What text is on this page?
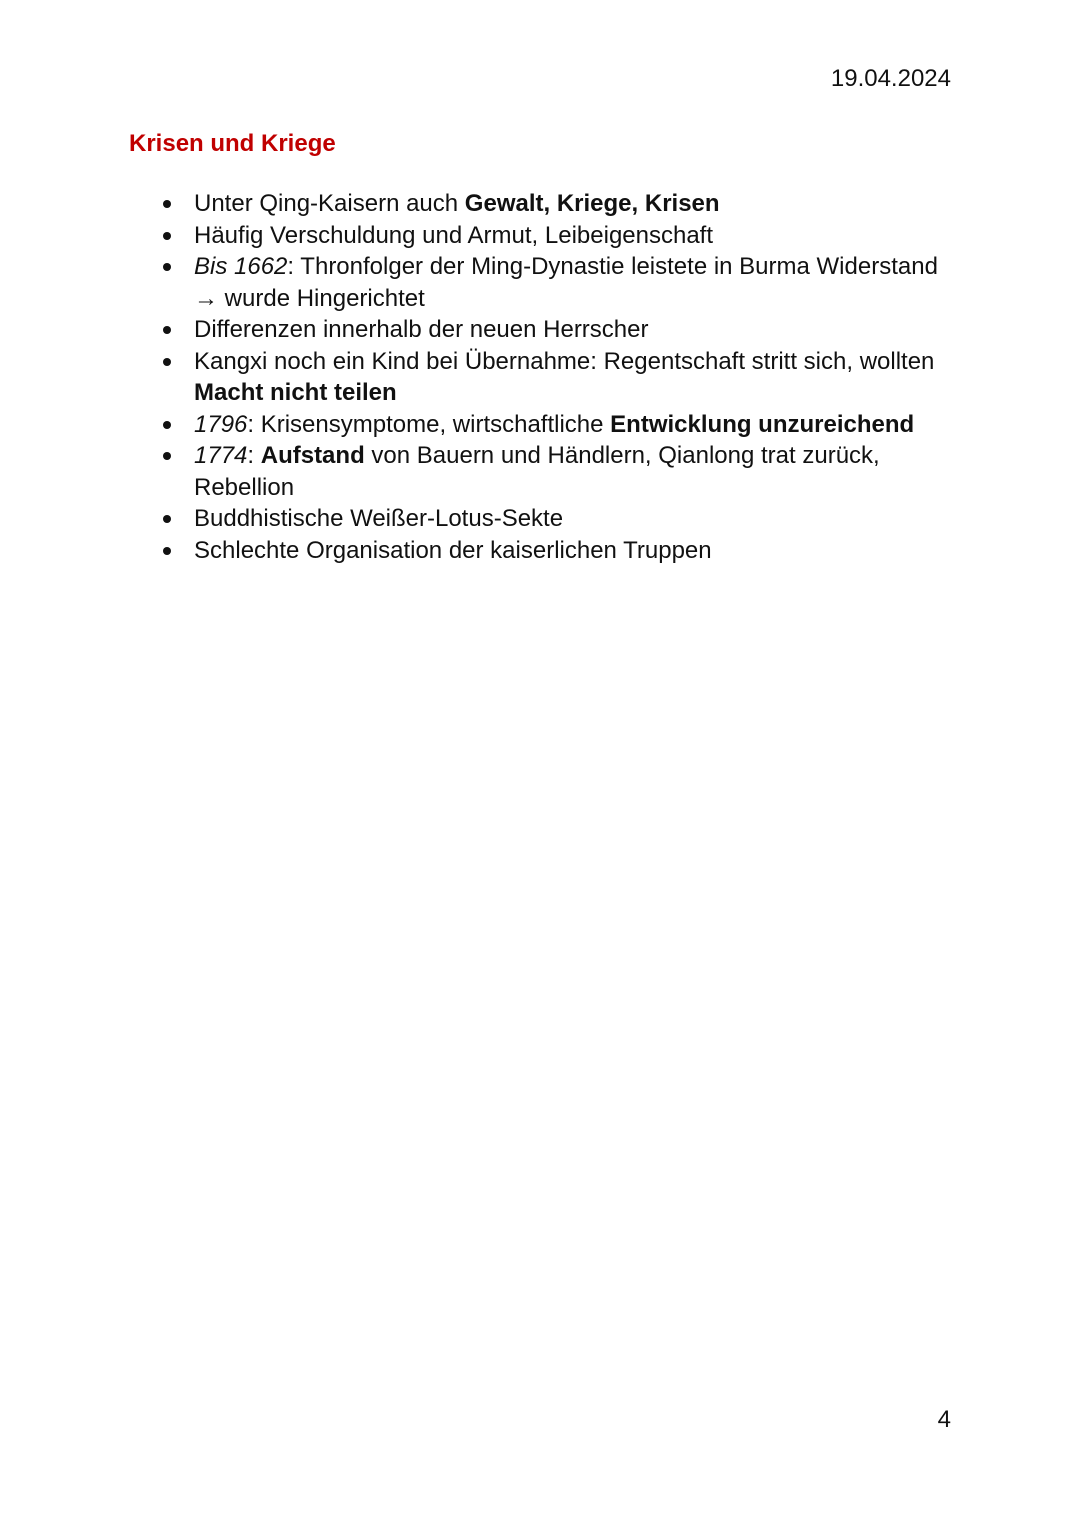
19.04.2024
Krisen und Kriege
Unter Qing-Kaisern auch Gewalt, Kriege, Krisen
Häufig Verschuldung und Armut, Leibeigenschaft
Bis 1662: Thronfolger der Ming-Dynastie leistete in Burma Widerstand → wurde Hingerichtet
Differenzen innerhalb der neuen Herrscher
Kangxi noch ein Kind bei Übernahme: Regentschaft stritt sich, wollten Macht nicht teilen
1796: Krisensymptome, wirtschaftliche Entwicklung unzureichend
1774: Aufstand von Bauern und Händlern, Qianlong trat zurück, Rebellion
Buddhistische Weißer-Lotus-Sekte
Schlechte Organisation der kaiserlichen Truppen
4
